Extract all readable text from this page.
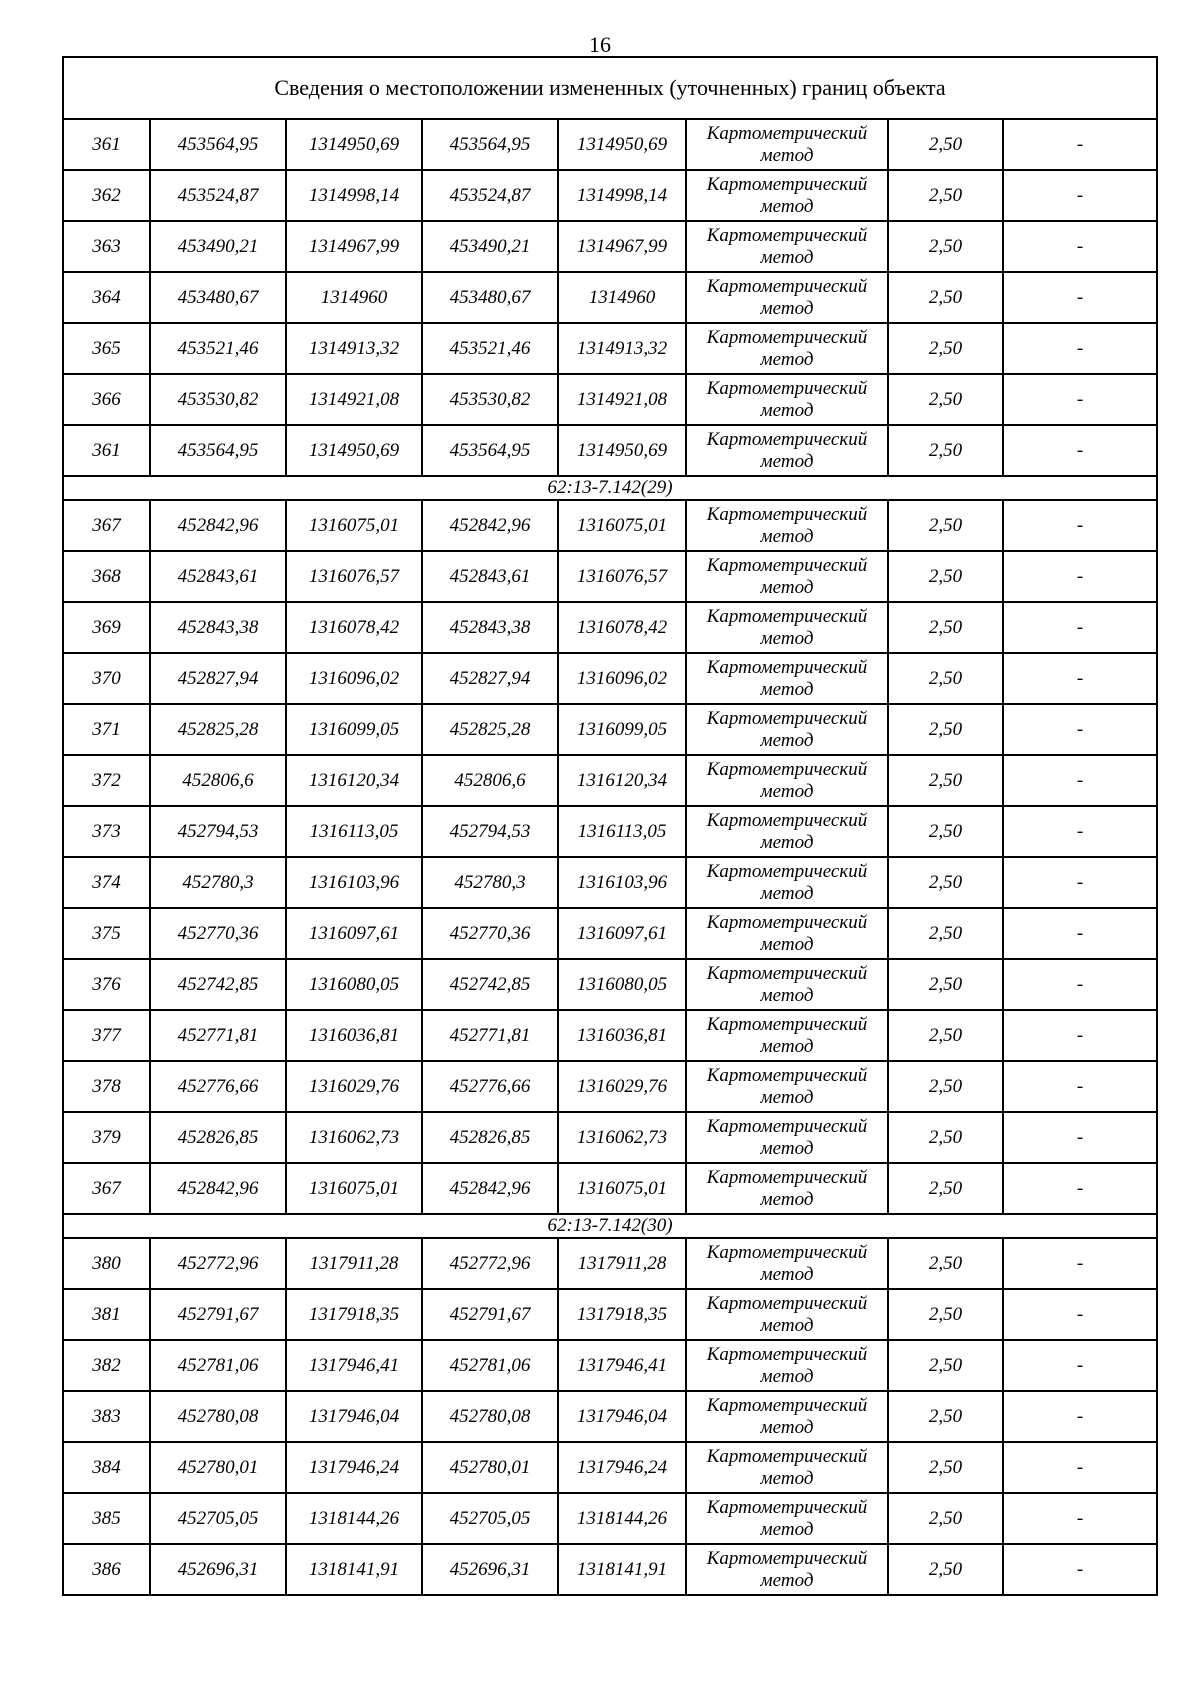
16
Сведения о местоположении измененных (уточненных) границ объекта							
361	453564,95	1314950,69	453564,95	1314950,69	Картометрический метод	2,50	-
362	453524,87	1314998,14	453524,87	1314998,14	Картометрический метод	2,50	-
363	453490,21	1314967,99	453490,21	1314967,99	Картометрический метод	2,50	-
364	453480,67	1314960	453480,67	1314960	Картометрический метод	2,50	-
365	453521,46	1314913,32	453521,46	1314913,32	Картометрический метод	2,50	-
366	453530,82	1314921,08	453530,82	1314921,08	Картометрический метод	2,50	-
361	453564,95	1314950,69	453564,95	1314950,69	Картометрический метод	2,50	-
62:13-7.142(29)							
367	452842,96	1316075,01	452842,96	1316075,01	Картометрический метод	2,50	-
368	452843,61	1316076,57	452843,61	1316076,57	Картометрический метод	2,50	-
369	452843,38	1316078,42	452843,38	1316078,42	Картометрический метод	2,50	-
370	452827,94	1316096,02	452827,94	1316096,02	Картометрический метод	2,50	-
371	452825,28	1316099,05	452825,28	1316099,05	Картометрический метод	2,50	-
372	452806,6	1316120,34	452806,6	1316120,34	Картометрический метод	2,50	-
373	452794,53	1316113,05	452794,53	1316113,05	Картометрический метод	2,50	-
374	452780,3	1316103,96	452780,3	1316103,96	Картометрический метод	2,50	-
375	452770,36	1316097,61	452770,36	1316097,61	Картометрический метод	2,50	-
376	452742,85	1316080,05	452742,85	1316080,05	Картометрический метод	2,50	-
377	452771,81	1316036,81	452771,81	1316036,81	Картометрический метод	2,50	-
378	452776,66	1316029,76	452776,66	1316029,76	Картометрический метод	2,50	-
379	452826,85	1316062,73	452826,85	1316062,73	Картометрический метод	2,50	-
367	452842,96	1316075,01	452842,96	1316075,01	Картометрический метод	2,50	-
62:13-7.142(30)							
380	452772,96	1317911,28	452772,96	1317911,28	Картометрический метод	2,50	-
381	452791,67	1317918,35	452791,67	1317918,35	Картометрический метод	2,50	-
382	452781,06	1317946,41	452781,06	1317946,41	Картометрический метод	2,50	-
383	452780,08	1317946,04	452780,08	1317946,04	Картометрический метод	2,50	-
384	452780,01	1317946,24	452780,01	1317946,24	Картометрический метод	2,50	-
385	452705,05	1318144,26	452705,05	1318144,26	Картометрический метод	2,50	-
386	452696,31	1318141,91	452696,31	1318141,91	Картометрический метод	2,50	-
